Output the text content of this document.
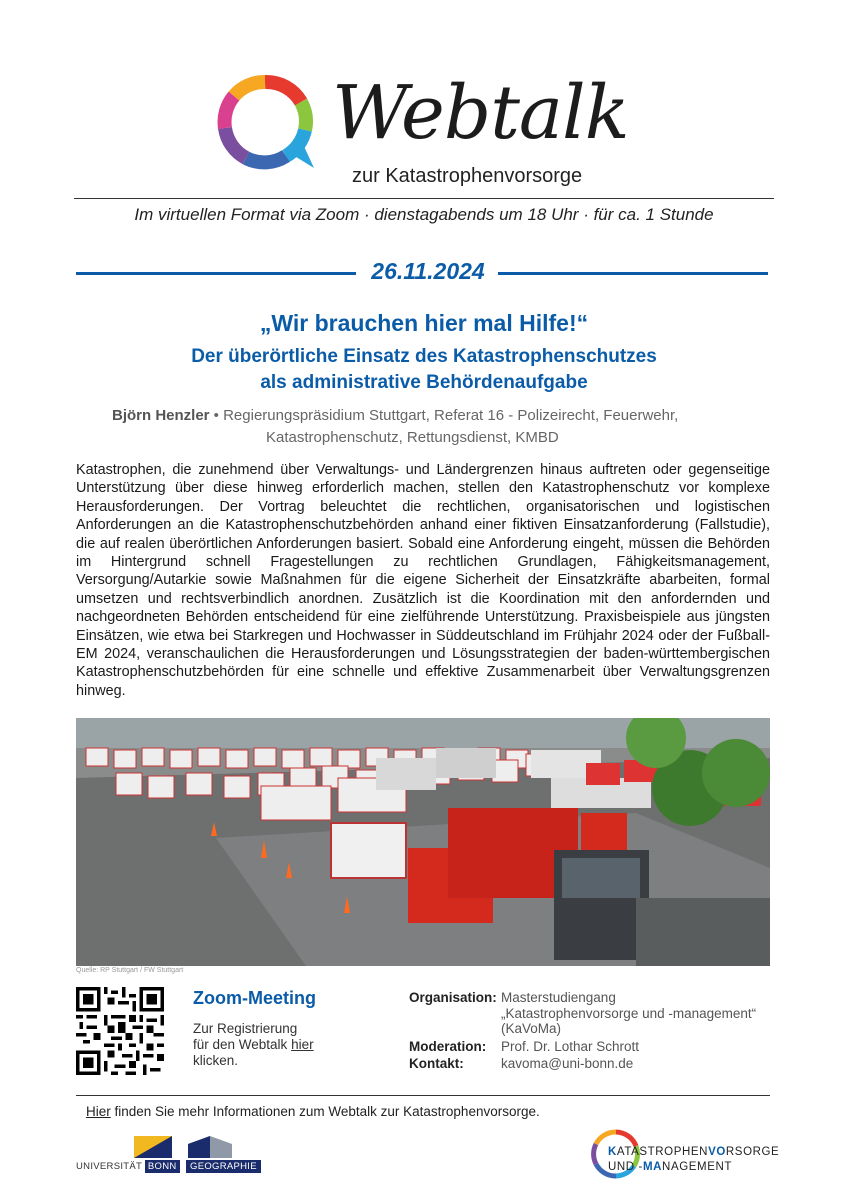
Webtalk
zur Katastrophenvorsorge
Im virtuellen Format via Zoom · dienstagabends um 18 Uhr · für ca. 1 Stunde
26.11.2024
„Wir brauchen hier mal Hilfe!“
Der überörtliche Einsatz des Katastrophenschutzes
als administrative Behördenaufgabe
Björn Henzler • Regierungspräsidium Stuttgart, Referat 16 - Polizeirecht, Feuerwehr,
Katastrophenschutz, Rettungsdienst, KMBD
Katastrophen, die zunehmend über Verwaltungs- und Ländergrenzen hinaus auftreten oder gegenseitige Unterstützung über diese hinweg erforderlich machen, stellen den Katastrophenschutz vor komplexe Herausforderungen. Der Vortrag beleuchtet die rechtlichen, organisatorischen und logistischen Anforderungen an die Katastrophenschutzbehörden anhand einer fiktiven Einsatzanforderung (Fallstudie), die auf realen überörtlichen Anforderungen basiert. Sobald eine Anforderung eingeht, müssen die Behörden im Hintergrund schnell Fragestellungen zu rechtlichen Grundlagen, Fähigkeitsmanagement, Versorgung/Autarkie sowie Maßnahmen für die eigene Sicherheit der Einsatzkräfte abarbeiten, formal umsetzen und rechtsverbindlich anordnen. Zusätzlich ist die Koordination mit den anfordernden und nachgeordneten Behörden entscheidend für eine zielführende Unterstützung. Praxisbeispiele aus jüngsten Einsätzen, wie etwa bei Starkregen und Hochwasser in Süddeutschland im Frühjahr 2024 oder der Fußball-EM 2024, veranschaulichen die Herausforderungen und Lösungsstrategien der baden-württembergischen Katastrophenschutzbehörden für eine schnelle und effektive Zusammenarbeit über Verwaltungsgrenzen hinweg.
Quelle: RP Stuttgart / FW Stuttgart
Zoom-Meeting
Zur Registrierung
für den Webtalk hier
klicken.
Organisation: Masterstudiengang
„Katastrophenvorsorge und -management“
(KaVoMa)
Moderation:	Prof. Dr. Lothar Schrott
Kontakt:	kavoma@uni-bonn.de
Hier finden Sie mehr Informationen zum Webtalk zur Katastrophenvorsorge.
UNIVERSITÄT BONN	GEOGRAPHIE
KATASTROPHENVORSORGE
UND -MANAGEMENT
